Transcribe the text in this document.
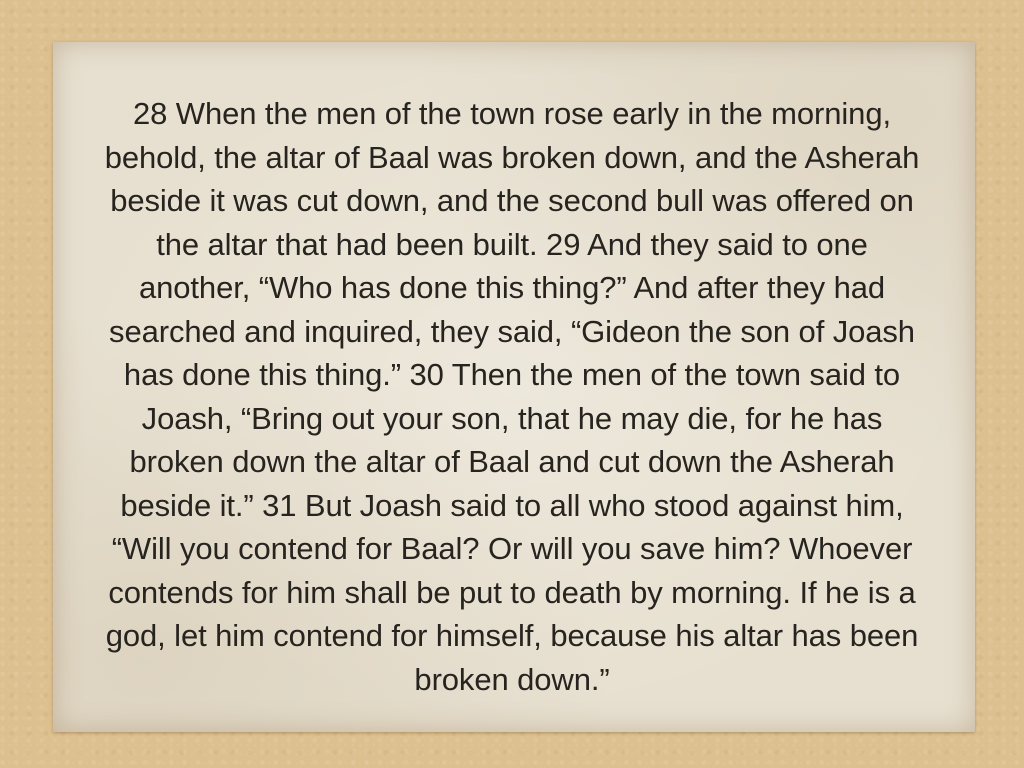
28 When the men of the town rose early in the morning, behold, the altar of Baal was broken down, and the Asherah beside it was cut down, and the second bull was offered on the altar that had been built. 29 And they said to one another, “Who has done this thing?” And after they had searched and inquired, they said, “Gideon the son of Joash has done this thing.” 30 Then the men of the town said to Joash, “Bring out your son, that he may die, for he has broken down the altar of Baal and cut down the Asherah beside it.” 31 But Joash said to all who stood against him, “Will you contend for Baal? Or will you save him? Whoever contends for him shall be put to death by morning. If he is a god, let him contend for himself, because his altar has been broken down.”
